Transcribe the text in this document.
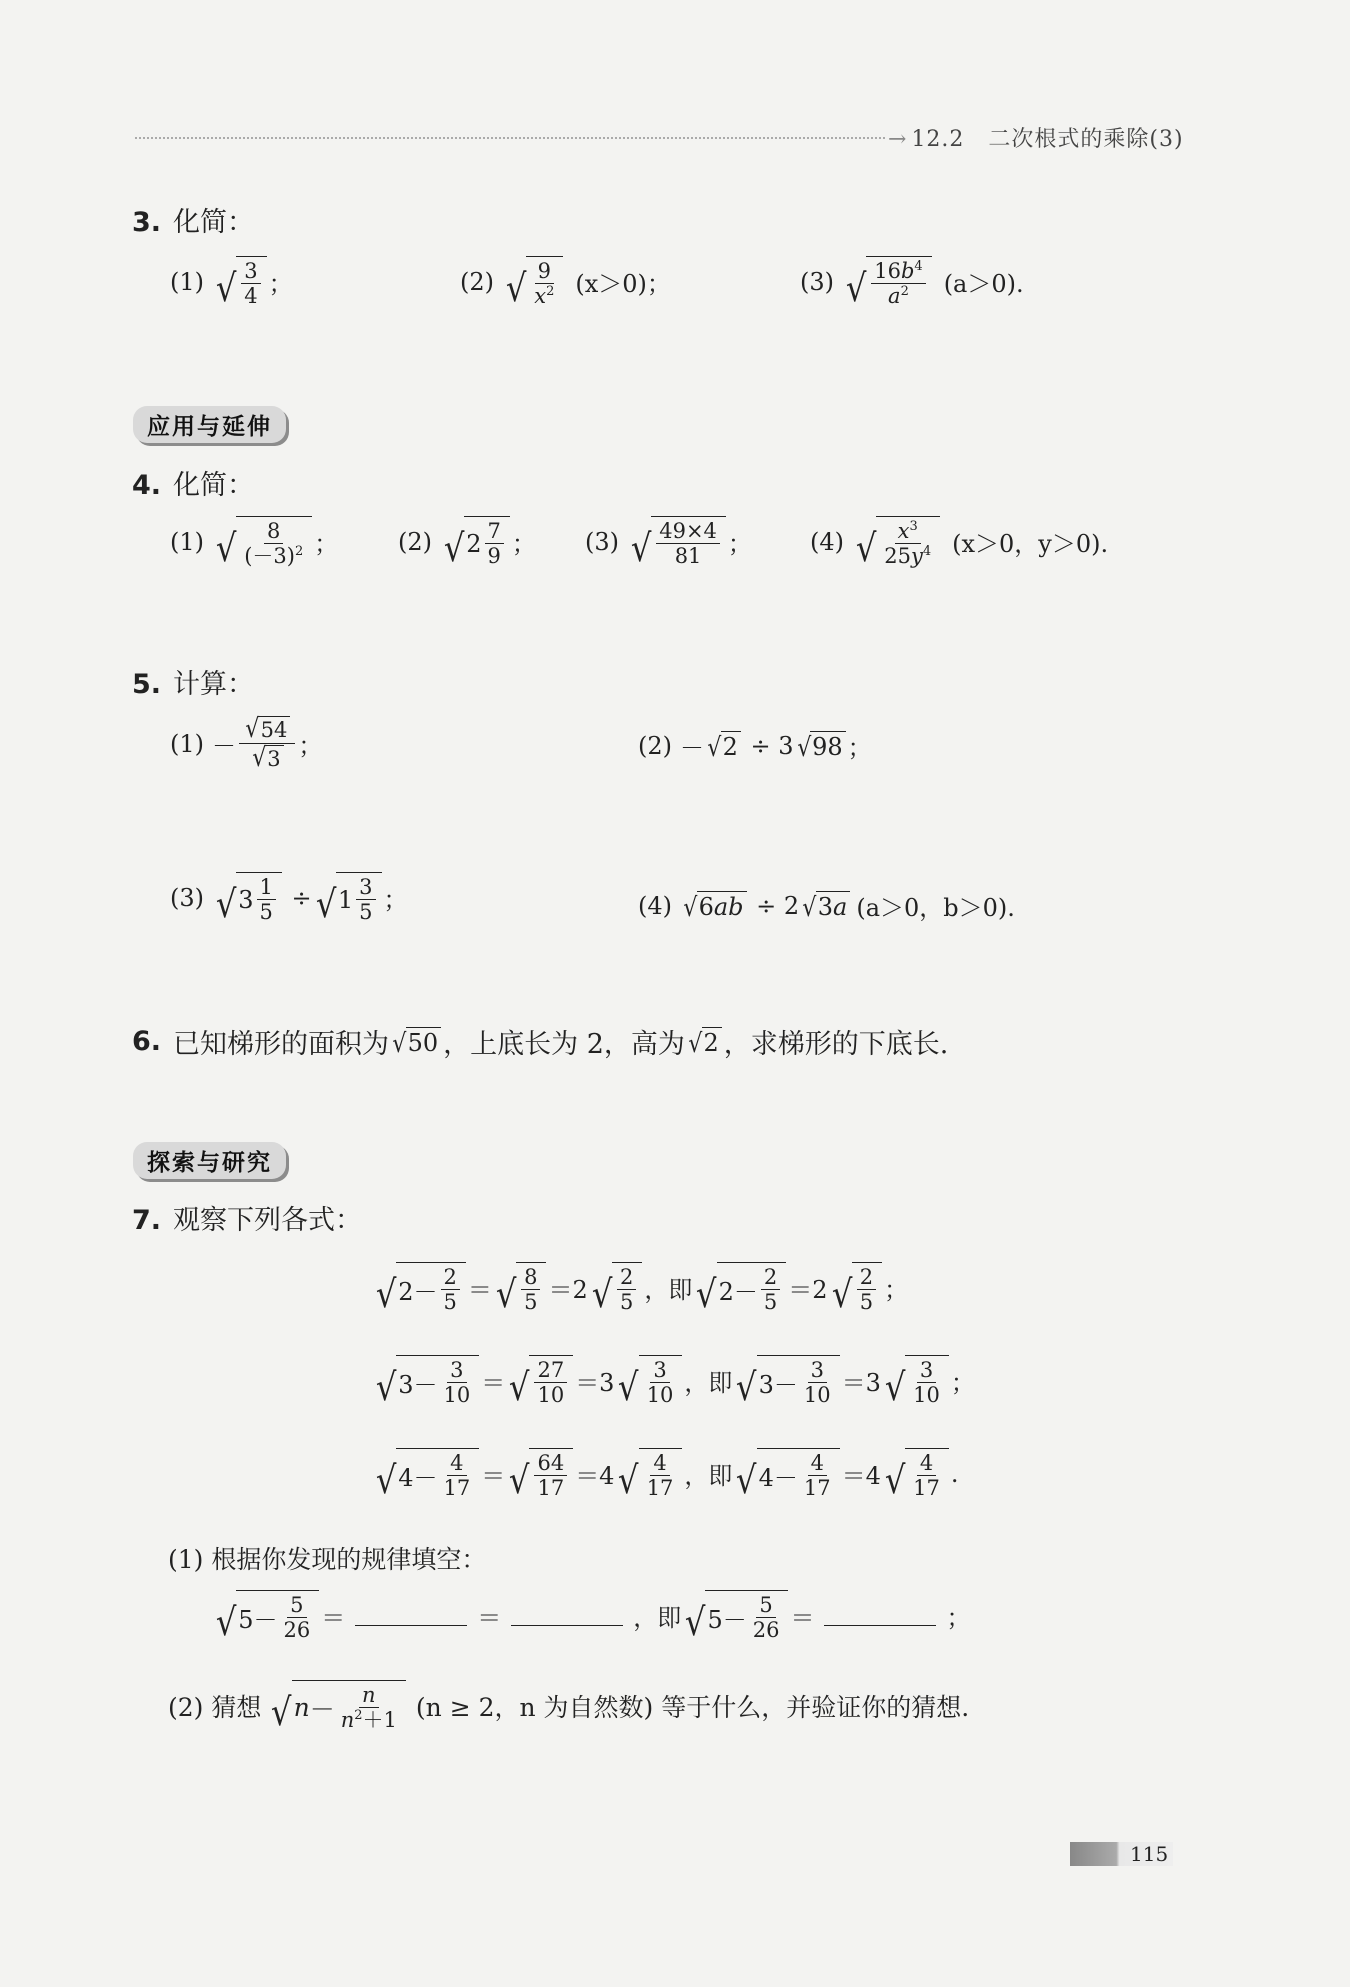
→ 12.2 二次根式的乘除(3)
3. 化简：
(1) √ $\frac{3}{4}$ ；	(2) √ $\frac{9}{x^2} (x>0)$；	(3) √ $\frac{16b^4}{a^2} (a>0)$.
应用与延伸
4. 化简：
(1) √ $\frac{8}{(-3)^2}$ ； (2) √ $2 \frac{7}{9}$ ； (3) √ $\frac{49\times 4}{81}$ ； (4) √ $\frac{x^3}{25y^4} (x>0$，y＞0).
5. 计算：
$(1) - \frac{√ 54}{√ 3}$ ；	(2) － √ 2 ÷ 3 √ 98 ；
(3) √ $3 \frac{1}{5}$ ÷ √ $1 \frac{3}{5}$ ；	(4) √ 6 ab ÷ 2 √ 3 a (a＞0，b＞0).
6. 已知梯形的面积为 √ 50 ，上底长为 2，高为 √ 2 ，求梯形的下底长.
探索与研究
7. 观察下列各式：
√ $2- \frac{2}{5}$ ＝ √ $\frac{8}{5} =2$ √ $\frac{2}{5}$ ，即 √ $2- \frac{2}{5} =2$ √ $\frac{2}{5}$ ；
√ $3- \frac{3}{10}$ ＝ √ $\frac{27}{10} =3$ √ $\frac{3}{10}$ ，即 √ $3- \frac{3}{10} =3$ √ $\frac{3}{10}$ ；
√ $4- \frac{4}{17}$ ＝ √ $\frac{64}{17} =4$ √ $\frac{4}{17}$ ，即 √ $4- \frac{4}{17} =4$ √ $\frac{4}{17}$ .
(1) 根据你发现的规律填空：
√ $5- \frac{5}{26}$ ＝	＝	，即 √ $5- \frac{5}{26}$ ＝	；
(2) 猜想 √ $n - \frac{n}{n^2+1} (n \ge 2$，n 为自然数) 等于什么，并验证你的猜想.
115
